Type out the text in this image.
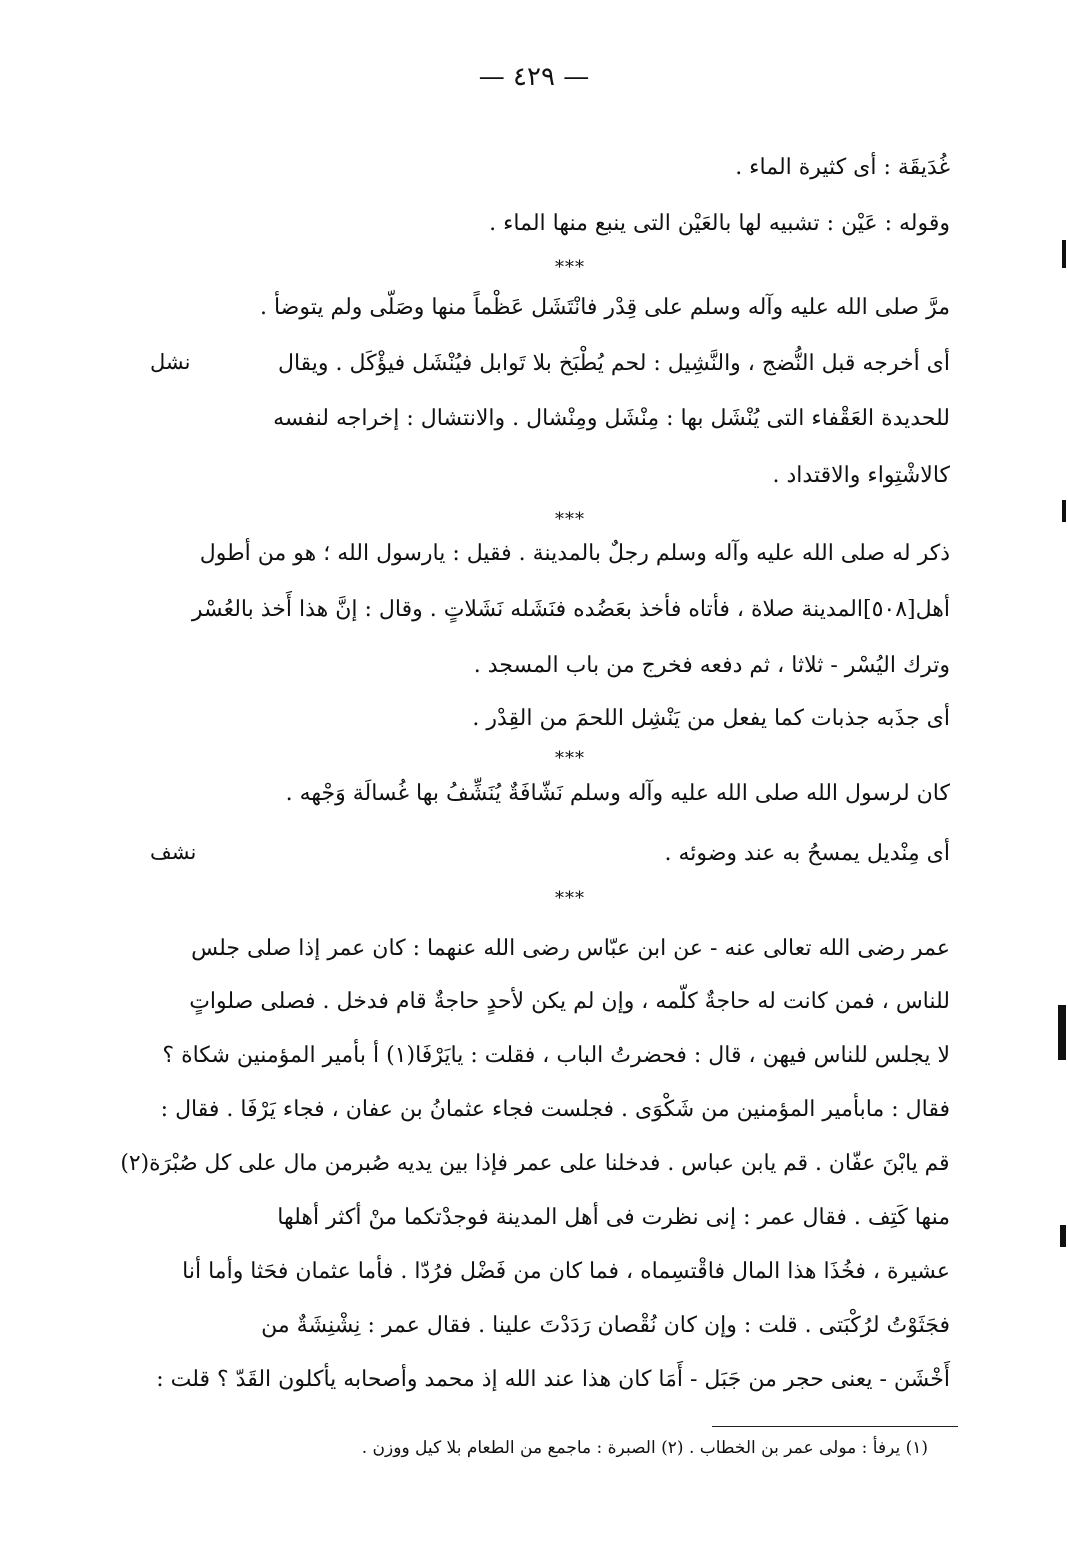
— ٤٢٩ —
غُدَيقَة : أى كثيرة الماء .
وقوله : عَيْن : تشبيه لها بالعَيْن التى ينبع منها الماء .
***
مرَّ صلى الله عليه وآله وسلم على قِدْر فانْتَشَل عَظْماً منها وصَلّى ولم يتوضأ .
أى أخرجه قبل النُّضج ، والنَّشِيل : لحم يُطْبَخ بلا تَوابل فيُنْشَل فيؤْكَل . ويقال
للحديدة العَقْفاء التى يُنْشَل بها : مِنْشَل ومِنْشال . والانتشال : إخراجه لنفسه
كالاشْتِواء والاقتداد .
نشل
***
ذكر له صلى الله عليه وآله وسلم رجلٌ بالمدينة . فقيل : يارسول الله ؛ هو من أطول
أهل[٥٠٨]المدينة صلاة ، فأتاه فأخذ بعَضُده فنَشَله نَشَلاتٍ . وقال : إنَّ هذا أَخذ بالعُسْر
وترك اليُسْر - ثلاثا ، ثم دفعه فخرج من باب المسجد .
أى جذَبه جذبات كما يفعل من يَنْشِل اللحمَ من القِدْر .
***
كان لرسول الله صلى الله عليه وآله وسلم نَشّافَةٌ يُنَشِّفُ بها غُسالَة وَجْهه .
أى مِنْديل يمسحُ به عند وضوئه .
نشف
***
عمر رضى الله تعالى عنه - عن ابن عبّاس رضى الله عنهما : كان عمر إذا صلى جلس
للناس ، فمن كانت له حاجةٌ كلّمه ، وإن لم يكن لأحدٍ حاجةٌ قام فدخل . فصلى صلواتٍ
لا يجلس للناس فيهن ، قال : فحضرتُ الباب ، فقلت : يايَرْفَا(١) أ بأمير المؤمنين شكاة ؟
فقال : مابأمير المؤمنين من شَكْوَى . فجلست فجاء عثمانُ بن عفان ، فجاء يَرْفَا . فقال :
قم يابْنَ عفّان . قم يابن عباس . فدخلنا على عمر فإذا بين يديه صُبرمن مال على كل صُبْرَة(٢)
منها كَتِف . فقال عمر : إنى نظرت فى أهل المدينة فوجدْتكما منْ أكثر أهلها
عشيرة ، فخُذَا هذا المال فاقْتسِماه ، فما كان من فَضْل فرُدّا . فأما عثمان فحَثا وأما أنا
فجَثَوْتُ لرُكْبَتى . قلت : وإن كان نُقْصان رَدَدْتَ علينا . فقال عمر : نِشْنِشَةٌ من
أَخْشَن - يعنى حجر من جَبَل - أَمَا كان هذا عند الله إذ محمد وأصحابه يأكلون القَدّ ؟ قلت :
(١) يرفأ : مولى عمر بن الخطاب . (٢) الصبرة : ماجمع من الطعام بلا كيل ووزن .
